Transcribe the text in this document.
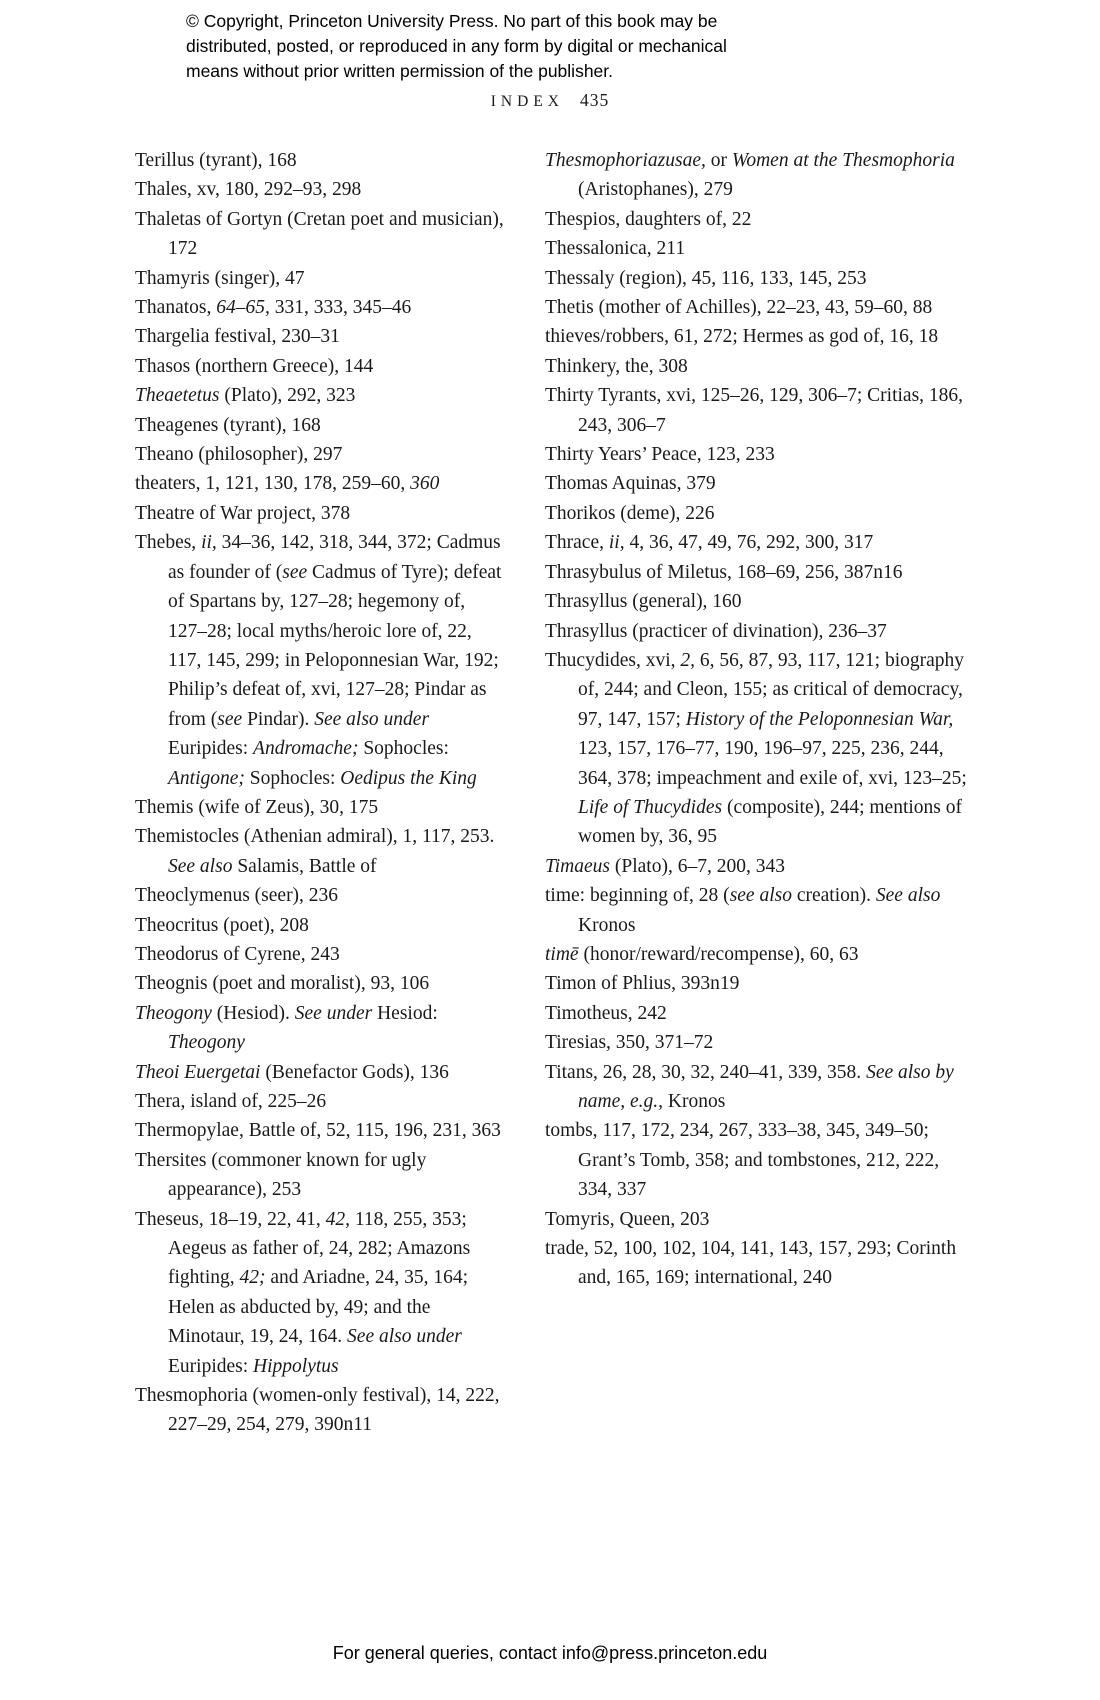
© Copyright, Princeton University Press. No part of this book may be
distributed, posted, or reproduced in any form by digital or mechanical
means without prior written permission of the publisher.
INDEX 435

Terillus (tyrant), 168

Thales, xv, 180, 292–93, 298

Thaletas of Gortyn (Cretan poet and musician), 172

Thamyris (singer), 47

Thanatos, 64–65, 331, 333, 345–46

Thargelia festival, 230–31

Thasos (northern Greece), 144

Theaetetus (Plato), 292, 323

Theagenes (tyrant), 168

Theano (philosopher), 297

theaters, 1, 121, 130, 178, 259–60, 360

Theatre of War project, 378

Thebes, ii, 34–36, 142, 318, 344, 372; Cadmus as founder of (see Cadmus of Tyre); defeat of Spartans by, 127–28; hegemony of, 127–28; local myths/heroic lore of, 22, 117, 145, 299; in Peloponnesian War, 192; Philip’s defeat of, xvi, 127–28; Pindar as from (see Pindar). See also under Euripides: Andromache; Sophocles: Antigone; Sophocles: Oedipus the King

Themis (wife of Zeus), 30, 175

Themistocles (Athenian admiral), 1, 117, 253. See also Salamis, Battle of

Theoclymenus (seer), 236

Theocritus (poet), 208

Theodorus of Cyrene, 243

Theognis (poet and moralist), 93, 106

Theogony (Hesiod). See under Hesiod: Theogony

Theoi Euergetai (Benefactor Gods), 136

Thera, island of, 225–26

Thermopylae, Battle of, 52, 115, 196, 231, 363

Thersites (commoner known for ugly appearance), 253

Theseus, 18–19, 22, 41, 42, 118, 255, 353; Aegeus as father of, 24, 282; Amazons fighting, 42; and Ariadne, 24, 35, 164; Helen as abducted by, 49; and the Minotaur, 19, 24, 164. See also under Euripides: Hippolytus

Thesmophoria (women-only festival), 14, 222, 227–29, 254, 279, 390n11

Thesmophoriazusae, or Women at the Thesmophoria (Aristophanes), 279

Thespios, daughters of, 22

Thessalonica, 211

Thessaly (region), 45, 116, 133, 145, 253

Thetis (mother of Achilles), 22–23, 43, 59–60, 88

thieves/robbers, 61, 272; Hermes as god of, 16, 18

Thinkery, the, 308

Thirty Tyrants, xvi, 125–26, 129, 306–7; Critias, 186, 243, 306–7

Thirty Years’ Peace, 123, 233

Thomas Aquinas, 379

Thorikos (deme), 226

Thrace, ii, 4, 36, 47, 49, 76, 292, 300, 317

Thrasybulus of Miletus, 168–69, 256, 387n16

Thrasyllus (general), 160

Thrasyllus (practicer of divination), 236–37

Thucydides, xvi, 2, 6, 56, 87, 93, 117, 121; biography of, 244; and Cleon, 155; as critical of democracy, 97, 147, 157; History of the Peloponnesian War, 123, 157, 176–77, 190, 196–97, 225, 236, 244, 364, 378; impeachment and exile of, xvi, 123–25; Life of Thucydides (composite), 244; mentions of women by, 36, 95

Timaeus (Plato), 6–7, 200, 343

time: beginning of, 28 (see also creation). See also Kronos

timē (honor/reward/recompense), 60, 63

Timon of Phlius, 393n19

Timotheus, 242

Tiresias, 350, 371–72

Titans, 26, 28, 30, 32, 240–41, 339, 358. See also by name, e.g., Kronos

tombs, 117, 172, 234, 267, 333–38, 345, 349–50; Grant’s Tomb, 358; and tombstones, 212, 222, 334, 337

Tomyris, Queen, 203

trade, 52, 100, 102, 104, 141, 143, 157, 293; Corinth and, 165, 169; international, 240

For general queries, contact info@press.princeton.edu
